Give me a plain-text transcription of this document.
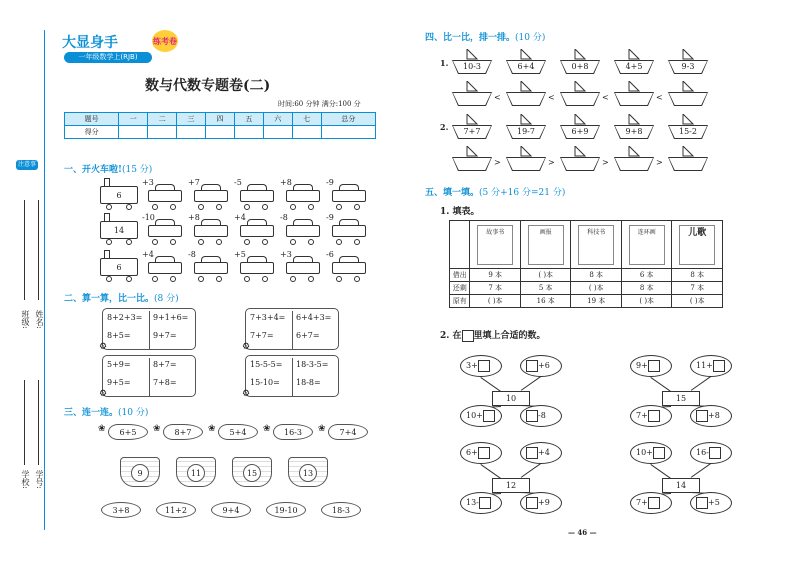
注意事项
班级: 姓名:
学校: 学号:
大显身手	练考卷
一年级数学上(RJB)
数与代数专题卷(二)
时间:60 分钟 满分:100 分
题号	一	二	三	四	五	六	七	总分
得分								
一、开火车啦!(15 分)
6
+3	+7	-5	+8	-9
14
-10	+8	+4	-8	-9
6
+4	-8	+5	+3	-6
二、算一算，比一比。(8 分)
8+2+3=
8+5=
9+1+6=
9+7=
⚙
7+3+4=
7+7=
6+4+3=
6+7=
⚙
5+9=
9+5=
8+7=
7+8=
⚙
15-5-5=
15-10=
18-3-5=
18-8=
⚙
三、连一连。(10 分)
❀	6+5	❀	8+7	❀	5+4	❀	16-3	❀	7+4
9	11	15	13
3+8	11+2	9+4	19-10	18-3
四、比一比，排一排。(10 分)
1.
2.
10-3	6+4	0+8	4+5	9-3
<	<	<	<
7+7	19-7	6+9	9+8	15-2
>	>	>	>
五、填一填。(5 分+16 分=21 分)
1. 填表。
	故事书	画报	科技书	连环画	儿歌
借出	9 本	( )本	8 本	6 本	8 本
还剩	7 本	5 本	( )本	8 本	7 本
原有	( )本	16 本	19 本	( )本	( )本
2. 在 里填上合适的数。
3+	+6
10+	-8
10
9+	11+
7+	+8
15
6+	+4
13-	+9
12
10+	16-
7+	+5
14
— 46 —
